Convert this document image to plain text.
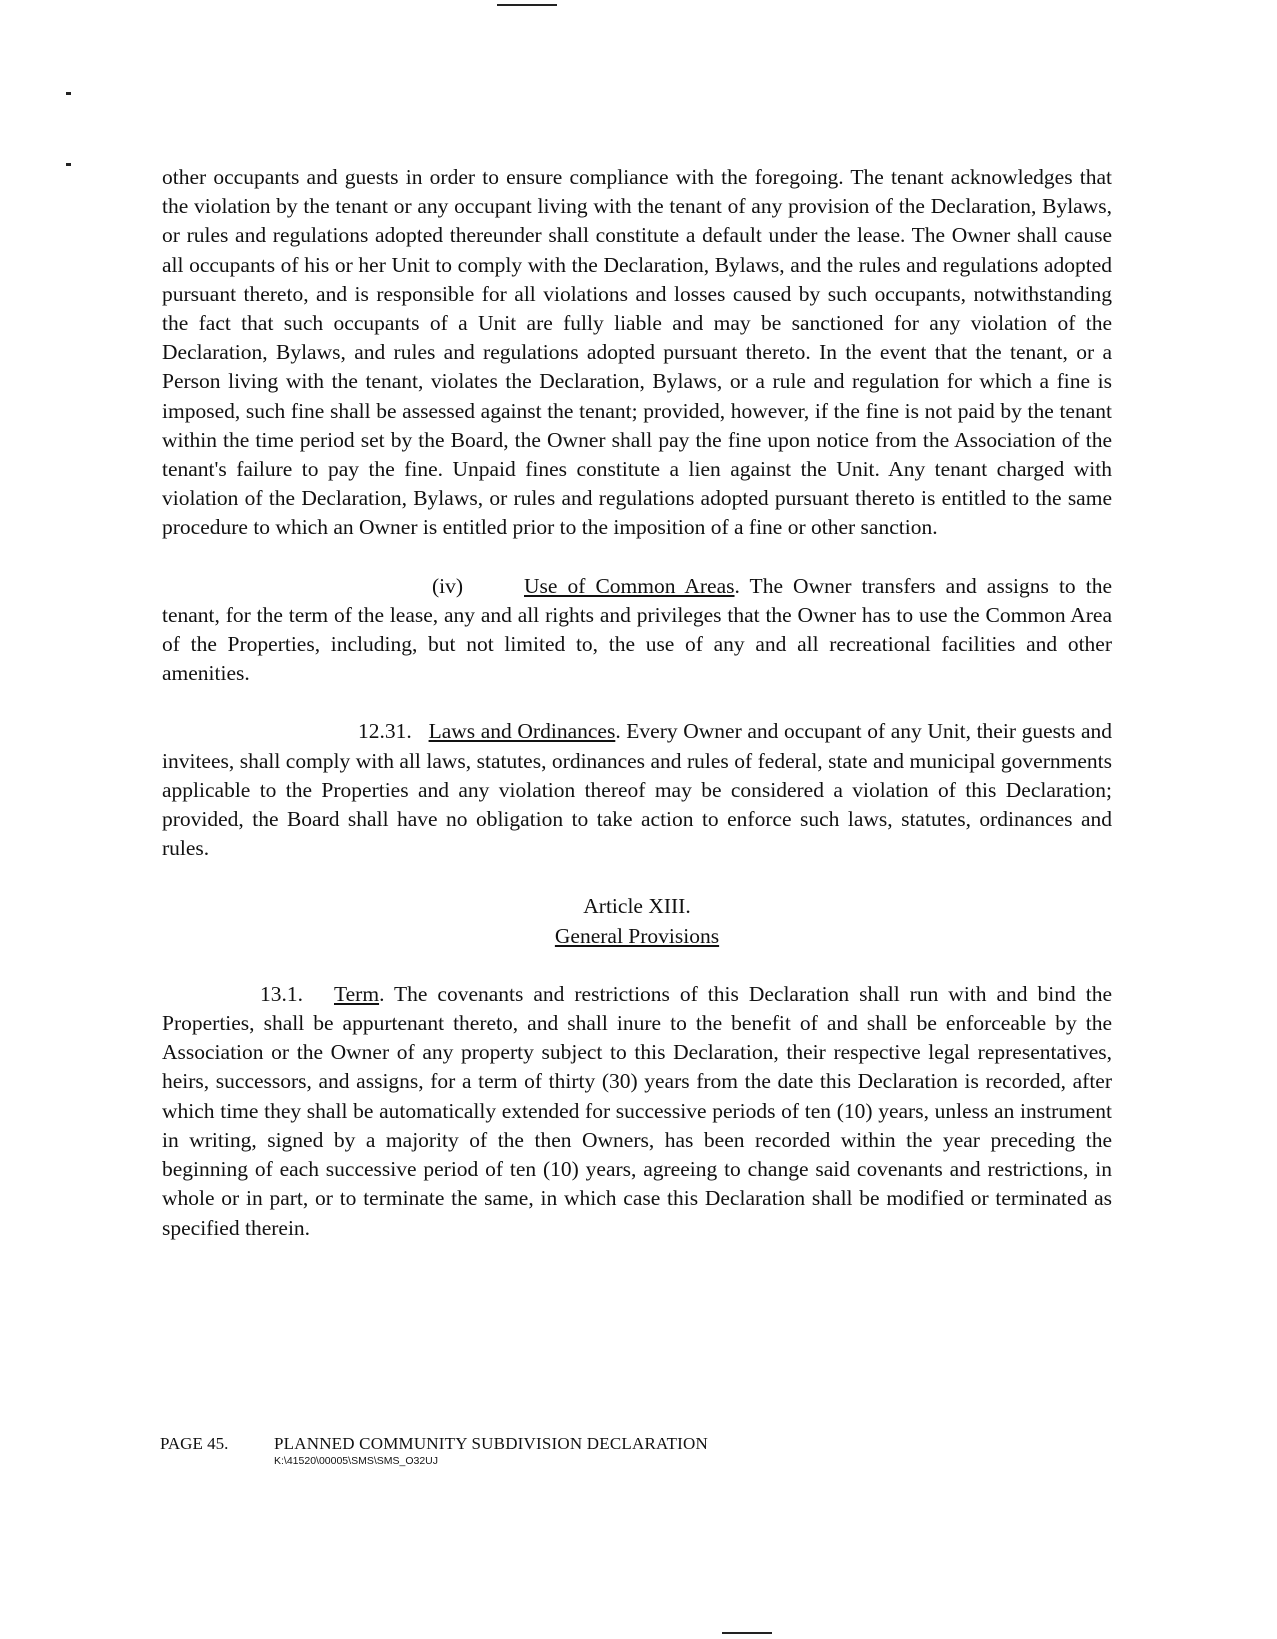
other occupants and guests in order to ensure compliance with the foregoing. The tenant acknowledges that the violation by the tenant or any occupant living with the tenant of any provision of the Declaration, Bylaws, or rules and regulations adopted thereunder shall constitute a default under the lease. The Owner shall cause all occupants of his or her Unit to comply with the Declaration, Bylaws, and the rules and regulations adopted pursuant thereto, and is responsible for all violations and losses caused by such occupants, notwithstanding the fact that such occupants of a Unit are fully liable and may be sanctioned for any violation of the Declaration, Bylaws, and rules and regulations adopted pursuant thereto. In the event that the tenant, or a Person living with the tenant, violates the Declaration, Bylaws, or a rule and regulation for which a fine is imposed, such fine shall be assessed against the tenant; provided, however, if the fine is not paid by the tenant within the time period set by the Board, the Owner shall pay the fine upon notice from the Association of the tenant's failure to pay the fine. Unpaid fines constitute a lien against the Unit. Any tenant charged with violation of the Declaration, Bylaws, or rules and regulations adopted pursuant thereto is entitled to the same procedure to which an Owner is entitled prior to the imposition of a fine or other sanction.

(iv)	Use of Common Areas. The Owner transfers and assigns to the tenant, for the term of the lease, any and all rights and privileges that the Owner has to use the Common Area of the Properties, including, but not limited to, the use of any and all recreational facilities and other amenities.

12.31. Laws and Ordinances. Every Owner and occupant of any Unit, their guests and invitees, shall comply with all laws, statutes, ordinances and rules of federal, state and municipal governments applicable to the Properties and any violation thereof may be considered a violation of this Declaration; provided, the Board shall have no obligation to take action to enforce such laws, statutes, ordinances and rules.

Article XIII.
General Provisions

13.1. Term. The covenants and restrictions of this Declaration shall run with and bind the Properties, shall be appurtenant thereto, and shall inure to the benefit of and shall be enforceable by the Association or the Owner of any property subject to this Declaration, their respective legal representatives, heirs, successors, and assigns, for a term of thirty (30) years from the date this Declaration is recorded, after which time they shall be automatically extended for successive periods of ten (10) years, unless an instrument in writing, signed by a majority of the then Owners, has been recorded within the year preceding the beginning of each successive period of ten (10) years, agreeing to change said covenants and restrictions, in whole or in part, or to terminate the same, in which case this Declaration shall be modified or terminated as specified therein.

PAGE 45.	PLANNED COMMUNITY SUBDIVISION DECLARATION
K:\41520\00005\SMS\SMS_O32UJ
